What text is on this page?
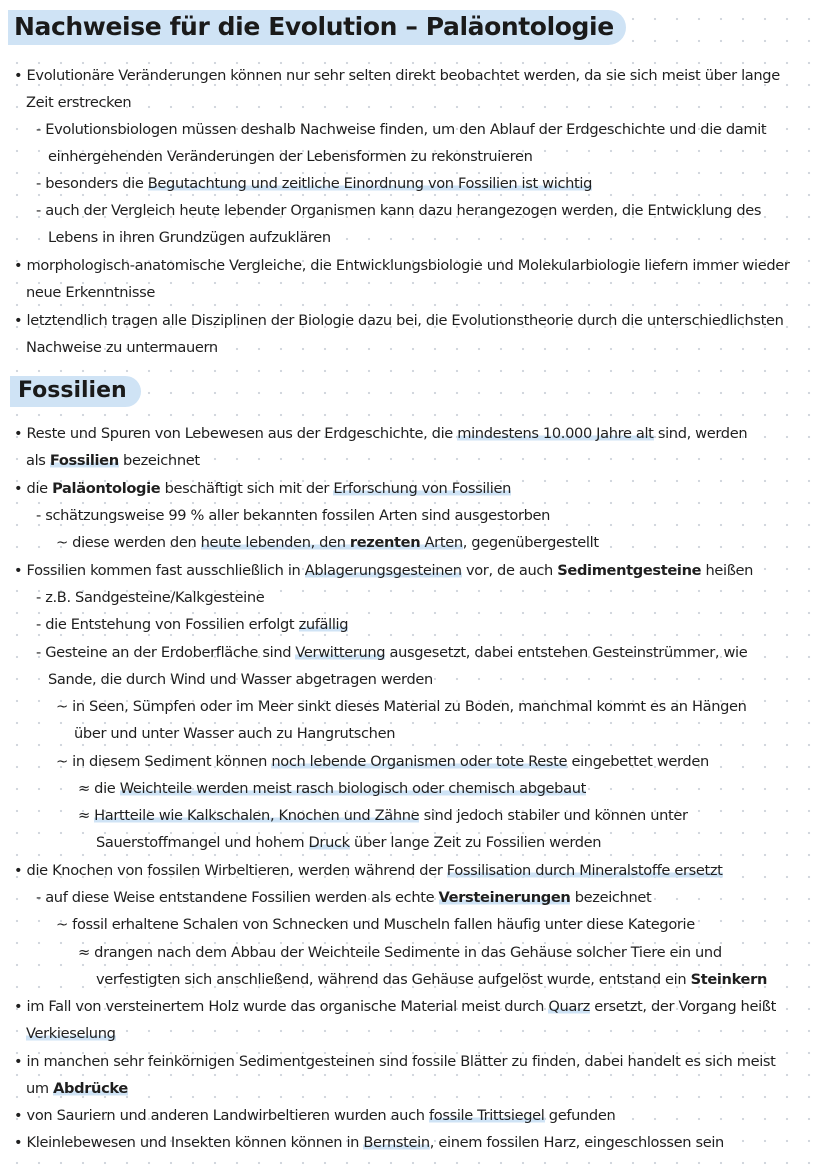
Nachweise für die Evolution – Paläontologie
• Evolutionäre Veränderungen können nur sehr selten direkt beobachtet werden, da sie sich meist über lange
Zeit erstrecken
- Evolutionsbiologen müssen deshalb Nachweise finden, um den Ablauf der Erdgeschichte und die damit
einhergehenden Veränderungen der Lebensformen zu rekonstruieren
- besonders die Begutachtung und zeitliche Einordnung von Fossilien ist wichtig
- auch der Vergleich heute lebender Organismen kann dazu herangezogen werden, die Entwicklung des
Lebens in ihren Grundzügen aufzuklären
• morphologisch-anatomische Vergleiche, die Entwicklungsbiologie und Molekularbiologie liefern immer wieder
neue Erkenntnisse
• letztendlich tragen alle Disziplinen der Biologie dazu bei, die Evolutionstheorie durch die unterschiedlichsten
Nachweise zu untermauern
Fossilien
• Reste und Spuren von Lebewesen aus der Erdgeschichte, die mindestens 10.000 Jahre alt sind, werden
als Fossilien bezeichnet
• die Paläontologie beschäftigt sich mit der Erforschung von Fossilien
- schätzungsweise 99 % aller bekannten fossilen Arten sind ausgestorben
~ diese werden den heute lebenden, den rezenten Arten, gegenübergestellt
• Fossilien kommen fast ausschließlich in Ablagerungsgesteinen vor, de auch Sedimentgesteine heißen
- z.B. Sandgesteine/Kalkgesteine
- die Entstehung von Fossilien erfolgt zufällig
- Gesteine an der Erdoberfläche sind Verwitterung ausgesetzt, dabei entstehen Gesteinstrümmer, wie
Sande, die durch Wind und Wasser abgetragen werden
~ in Seen, Sümpfen oder im Meer sinkt dieses Material zu Boden, manchmal kommt es an Hängen
über und unter Wasser auch zu Hangrutschen
~ in diesem Sediment können noch lebende Organismen oder tote Reste eingebettet werden
≈ die Weichteile werden meist rasch biologisch oder chemisch abgebaut
≈ Hartteile wie Kalkschalen, Knochen und Zähne sind jedoch stabiler und können unter
Sauerstoffmangel und hohem Druck über lange Zeit zu Fossilien werden
• die Knochen von fossilen Wirbeltieren, werden während der Fossilisation durch Mineralstoffe ersetzt
- auf diese Weise entstandene Fossilien werden als echte Versteinerungen bezeichnet
~ fossil erhaltene Schalen von Schnecken und Muscheln fallen häufig unter diese Kategorie
≈ drangen nach dem Abbau der Weichteile Sedimente in das Gehäuse solcher Tiere ein und
verfestigten sich anschließend, während das Gehäuse aufgelöst wurde, entstand ein Steinkern
• im Fall von versteinertem Holz wurde das organische Material meist durch Quarz ersetzt, der Vorgang heißt
Verkieselung
• in manchen sehr feinkörnigen Sedimentgesteinen sind fossile Blätter zu finden, dabei handelt es sich meist
um Abdrücke
• von Sauriern und anderen Landwirbeltieren wurden auch fossile Trittsiegel gefunden
• Kleinlebewesen und Insekten können können in Bernstein, einem fossilen Harz, eingeschlossen sein
